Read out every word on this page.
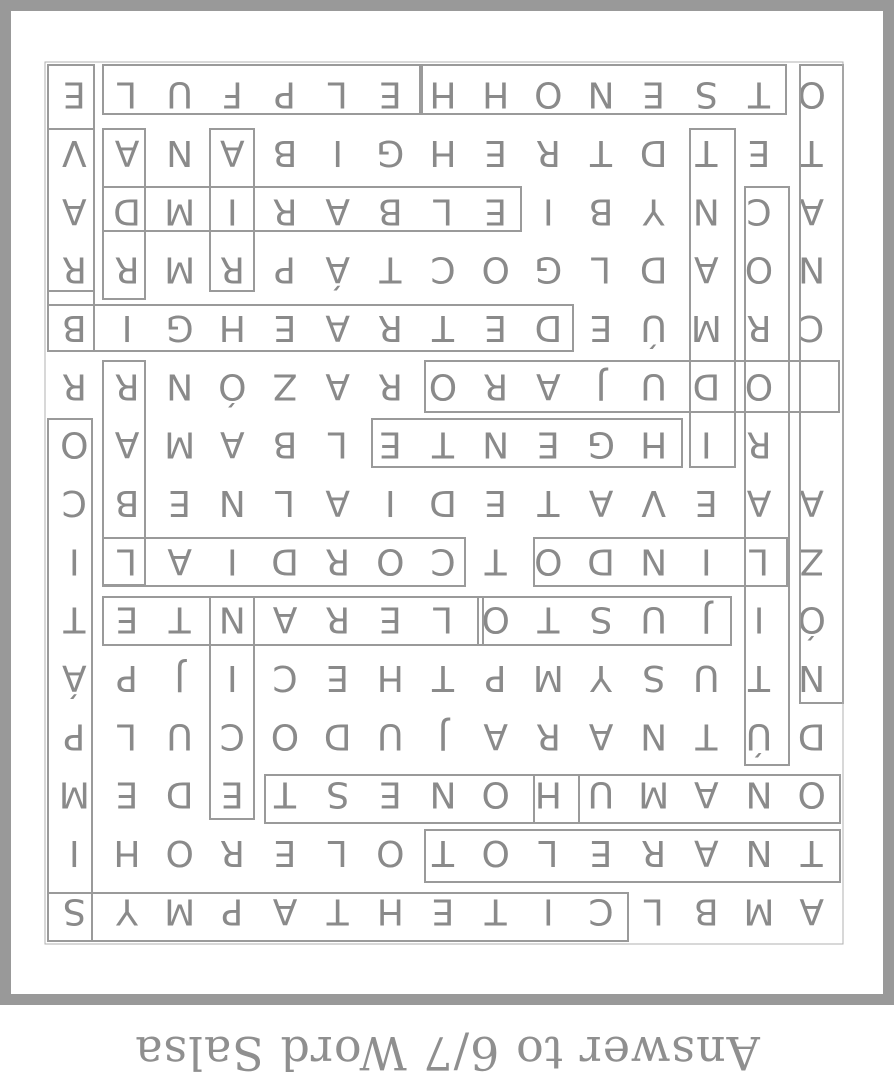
E L U F P L E H H O N E S T O
V A N A B I G H E R T D T E T
A D M I R A B L E I B Y N C A
R R M R P Á T C O G L D A O N
B I G H E A R T E D E Ú M R C
R R N Ó Z A R O R A J U D O
O A M A B L E T N E G H I R
C B E N L A I D E T A V E A A
I L A I D R O C T O D N I L Z
T E T N A R E L O T S U J I Ó
Á P J I C E H T P M Y S U T N
P L U C O D U J A R A N T Ú D
M E D E T S E N O H U M A N O
I H O R E L O T O L E R A N T
S Y M P A T H E T I C L B M A
Answer to 6/7 Word Salsa
